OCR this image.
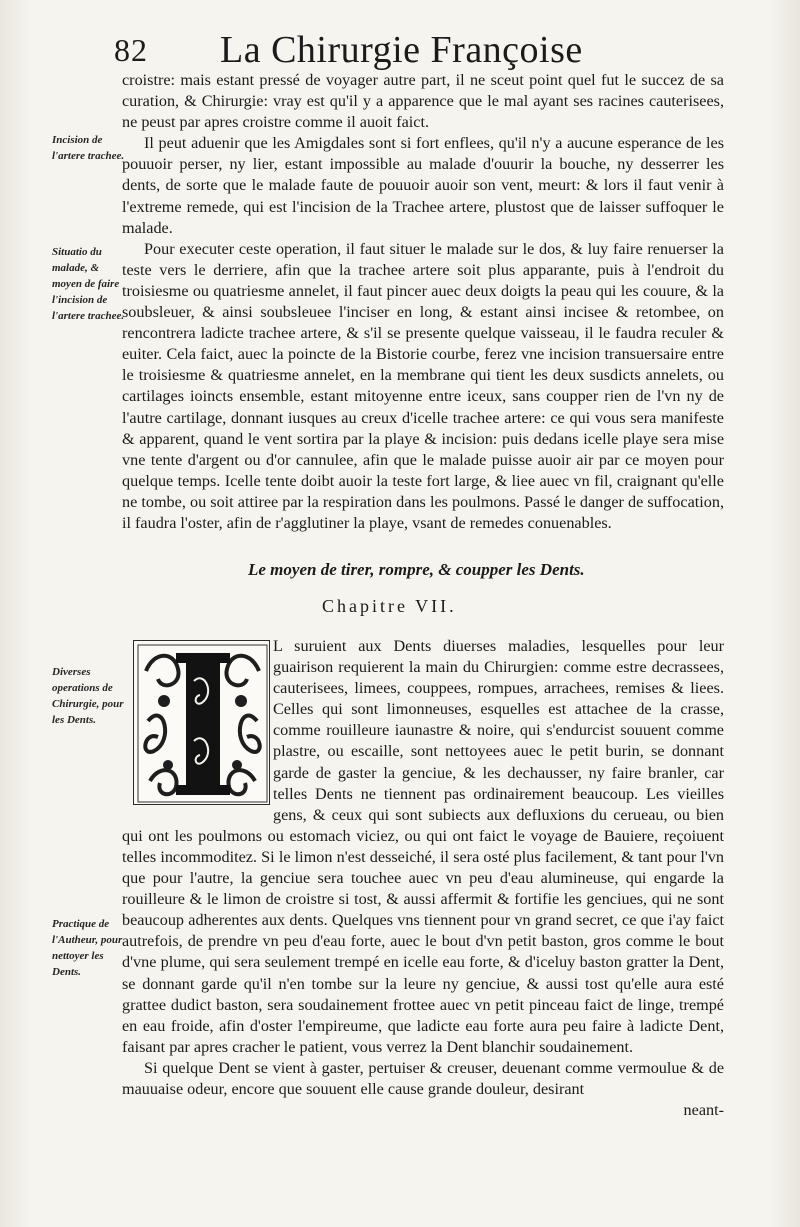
82 La Chirurgie Françoise
Incision de l'artere trachee.
Situatio du malade, & moyen de faire l'incision de l'artere trachee.
Diverses operations de Chirurgie, pour les Dents.
Practique de l'Autheur, pour nettoyer les Dents.

croistre: mais estant pressé de voyager autre part, il ne sceut point quel fut le succez de sa curation, & Chirurgie: vray est qu'il y a apparence que le mal ayant ses racines cauterisees, ne peust par apres croistre comme il auoit faict.

Il peut aduenir que les Amigdales sont si fort enflees, qu'il n'y a aucune esperance de les pouuoir perser, ny lier, estant impossible au malade d'ouurir la bouche, ny desserrer les dents, de sorte que le malade faute de pouuoir auoir son vent, meurt: & lors il faut venir à l'extreme remede, qui est l'incision de la Trachee artere, plustost que de laisser suffoquer le malade.

Pour executer ceste operation, il faut situer le malade sur le dos, & luy faire renuerser la teste vers le derriere, afin que la trachee artere soit plus apparante, puis à l'endroit du troisiesme ou quatriesme annelet, il faut pincer auec deux doigts la peau qui les couure, & la soubsleuer, & ainsi soubsleuee l'inciser en long, & estant ainsi incisee & retombee, on rencontrera ladicte trachee artere, & s'il se presente quelque vaisseau, il le faudra reculer & euiter. Cela faict, auec la poincte de la Bistorie courbe, ferez vne incision transuersaire entre le troisiesme & quatriesme annelet, en la membrane qui tient les deux susdicts annelets, ou cartilages ioincts ensemble, estant mitoyenne entre iceux, sans coupper rien de l'vn ny de l'autre cartilage, donnant iusques au creux d'icelle trachee artere: ce qui vous sera manifeste & apparent, quand le vent sortira par la playe & incision: puis dedans icelle playe sera mise vne tente d'argent ou d'or cannulee, afin que le malade puisse auoir air par ce moyen pour quelque temps. Icelle tente doibt auoir la teste fort large, & liee auec vn fil, craignant qu'elle ne tombe, ou soit attiree par la respiration dans les poulmons. Passé le danger de suffocation, il faudra l'oster, afin de r'agglutiner la playe, vsant de remedes conuenables.

Le moyen de tirer, rompre, & coupper les Dents.
Chapitre VII.

L suruient aux Dents diuerses maladies, lesquelles pour leur guairison requierent la main du Chirurgien: comme estre decrassees, cauterisees, limees, couppees, rompues, arrachees, remises & liees. Celles qui sont limonneuses, esquelles est attachee de la crasse, comme rouilleure iaunastre & noire, qui s'endurcist souuent comme plastre, ou escaille, sont nettoyees auec le petit burin, se donnant garde de gaster la genciue, & les dechausser, ny faire branler, car telles Dents ne tiennent pas ordinairement beaucoup. Les vieilles gens, & ceux qui sont subiects aux defluxions du cerueau, ou bien qui ont les poulmons ou estomach viciez, ou qui ont faict le voyage de Bauiere, reçoiuent telles incommoditez. Si le limon n'est desseiché, il sera osté plus facilement, & tant pour l'vn que pour l'autre, la genciue sera touchee auec vn peu d'eau alumineuse, qui engarde la rouilleure & le limon de croistre si tost, & aussi affermit & fortifie les genciues, qui ne sont beaucoup adherentes aux dents. Quelques vns tiennent pour vn grand secret, ce que i'ay faict autrefois, de prendre vn peu d'eau forte, auec le bout d'vn petit baston, gros comme le bout d'vne plume, qui sera seulement trempé en icelle eau forte, & d'iceluy baston gratter la Dent, se donnant garde qu'il n'en tombe sur la leure ny genciue, & aussi tost qu'elle aura esté grattee dudict baston, sera soudainement frottee auec vn petit pinceau faict de linge, trempé en eau froide, afin d'oster l'empireume, que ladicte eau forte aura peu faire à ladicte Dent, faisant par apres cracher le patient, vous verrez la Dent blanchir soudainement.

Si quelque Dent se vient à gaster, pertuiser & creuser, deuenant comme vermoulue & de mauuaise odeur, encore que souuent elle cause grande douleur, desirant

neant-
